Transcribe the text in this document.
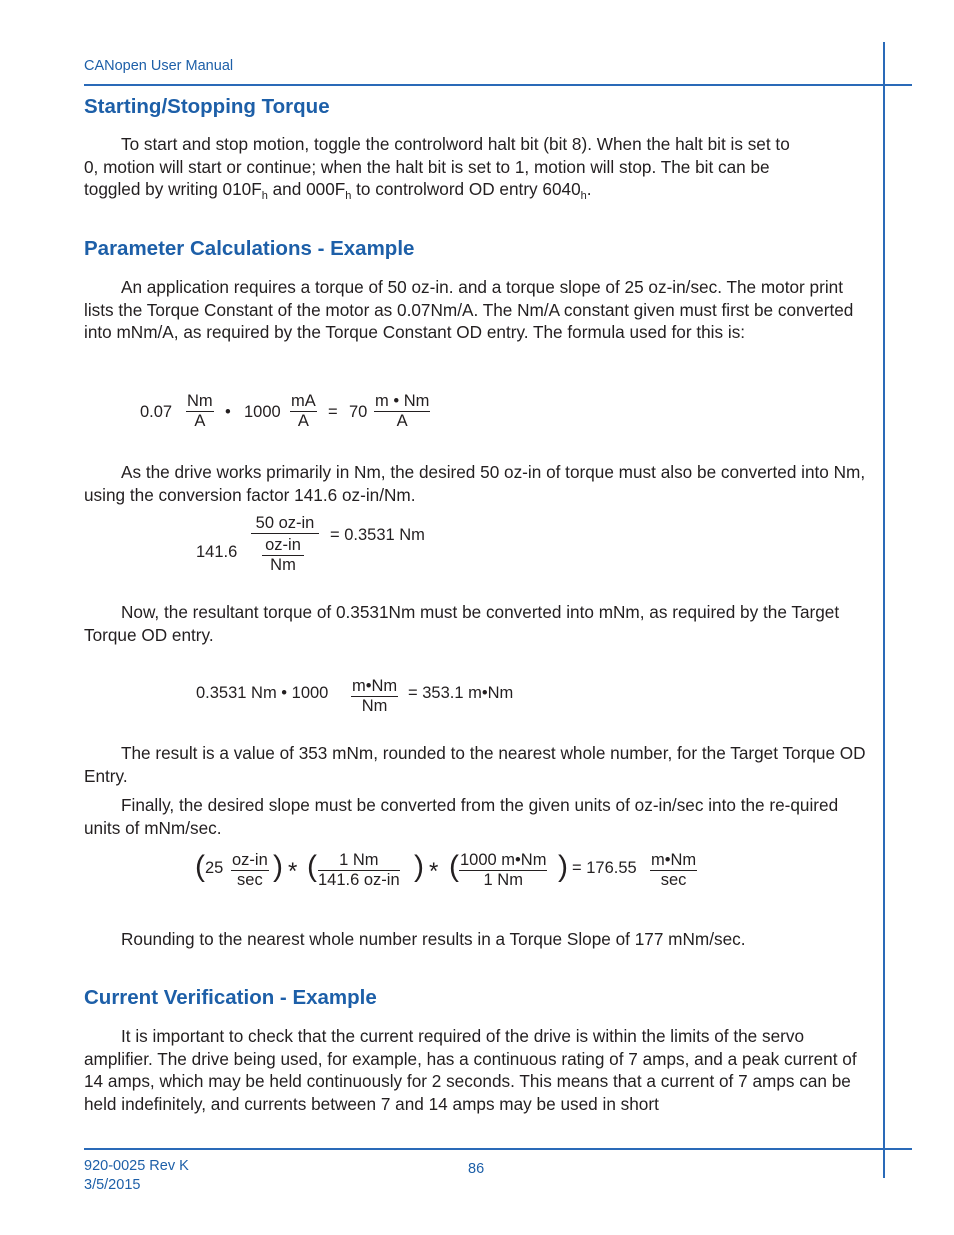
CANopen User Manual
Starting/Stopping Torque

To start and stop motion, toggle the controlword halt bit (bit 8). When the halt bit is set to

0, motion will start or continue; when the halt bit is set to 1, motion will stop. The bit can be
toggled by writing $010F_h$ and $000F_h$ to controlword OD entry $6040_h$.
Parameter Calculations - Example

An application requires a torque of 50 oz-in. and a torque slope of 25 oz-in/sec. The motor print lists the Torque Constant of the motor as 0.07Nm/A. The Nm/A constant given must first be converted into mNm/A, as required by the Torque Constant OD entry. The formula used for this is:

$0.07 \frac{Nm}{A}$ • $1000 \frac{mA}{A} = 70 \frac{m • Nm}{A}$

As the drive works primarily in Nm, the desired 50 oz-in of torque must also be converted into Nm, using the conversion factor 141.6 oz-in/Nm.

141.6
50 oz-in
$\frac{oz-in}{Nm}$
= 0.3531 Nm

Now, the resultant torque of 0.3531Nm must be converted into mNm, as required by the Target Torque OD entry.

0.3531 Nm • $1000 \frac{m•Nm}{Nm} = 353.1$ m•Nm

The result is a value of 353 mNm, rounded to the nearest whole number, for the Target Torque OD Entry.

Finally, the desired slope must be converted from the given units of oz-in/sec into the re-quired units of mNm/sec.

( 25 oz-in
sec ) * ( $\frac{1 Nm}{141.6 oz-in}$ ) * ( $\frac{1000 m•Nm}{1 Nm}$ ) = 176.55 m•Nm
sec

Rounding to the nearest whole number results in a Torque Slope of 177 mNm/sec.

Current Verification - Example

It is important to check that the current required of the drive is within the limits of the servo amplifier. The drive being used, for example, has a continuous rating of 7 amps, and a peak current of 14 amps, which may be held continuously for 2 seconds. This means that a current of 7 amps can be held indefinitely, and currents between 7 and 14 amps may be used in short

920-0025 Rev K
3/5/2015
86
